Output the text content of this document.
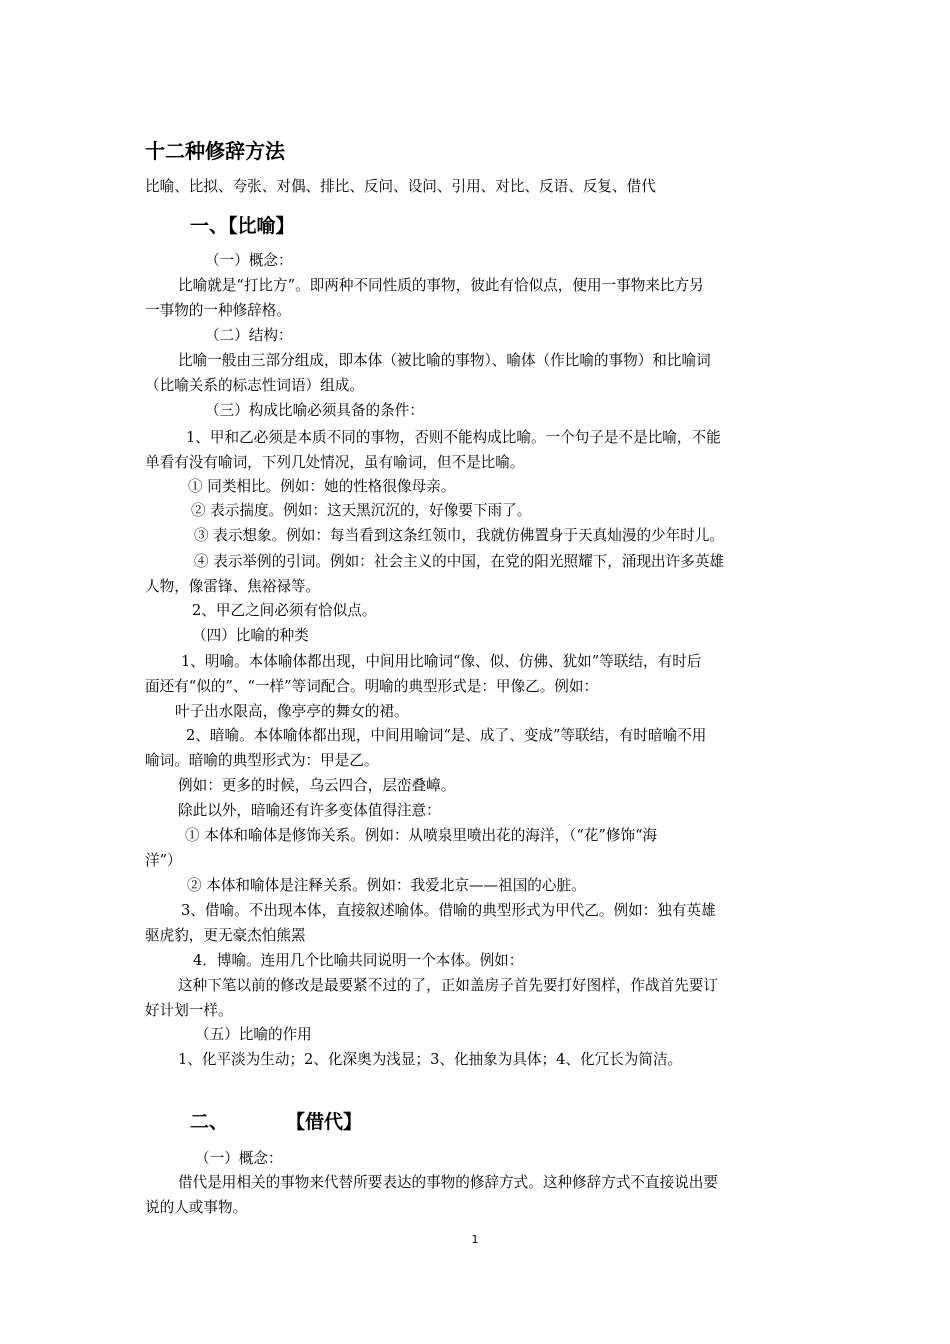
十二种修辞方法
比喻、比拟、夸张、对偶、排比、反问、设问、引用、对比、反语、反复、借代
一、【比喻】
（一）概念：
比喻就是“打比方”。即两种不同性质的事物，彼此有恰似点，便用一事物来比方另
一事物的一种修辞格。
（二）结构：
比喻一般由三部分组成，即本体（被比喻的事物）、喻体（作比喻的事物）和比喻词
（比喻关系的标志性词语）组成。
（三）构成比喻必须具备的条件：
1、甲和乙必须是本质不同的事物，否则不能构成比喻。一个句子是不是比喻，不能
单看有没有喻词，下列几处情况，虽有喻词，但不是比喻。
① 同类相比。例如：她的性格很像母亲。
② 表示揣度。例如：这天黑沉沉的，好像要下雨了。
③ 表示想象。例如：每当看到这条红领巾，我就仿佛置身于天真灿漫的少年时儿。
④ 表示举例的引词。例如：社会主义的中国，在党的阳光照耀下，涌现出许多英雄
人物，像雷锋、焦裕禄等。
2、甲乙之间必须有恰似点。
（四）比喻的种类
1、明喻。本体喻体都出现，中间用比喻词“像、似、仿佛、犹如”等联结，有时后
面还有“似的”、“一样”等词配合。明喻的典型形式是：甲像乙。例如：
叶子出水限高，像亭亭的舞女的裙。
2、暗喻。本体喻体都出现，中间用喻词“是、成了、变成”等联结，有时暗喻不用
喻词。暗喻的典型形式为：甲是乙。
例如：更多的时候，乌云四合，层峦叠嶂。
除此以外，暗喻还有许多变体值得注意：
① 本体和喻体是修饰关系。例如：从喷泉里喷出花的海洋，（“花”修饰“海
洋”）
② 本体和喻体是注释关系。例如：我爱北京——祖国的心脏。
3、借喻。不出现本体，直接叙述喻体。借喻的典型形式为甲代乙。例如：独有英雄
驱虎豹，更无豪杰怕熊罴
4．博喻。连用几个比喻共同说明一个本体。例如：
这种下笔以前的修改是最要紧不过的了，正如盖房子首先要打好图样，作战首先要订
好计划一样。
（五）比喻的作用
1、化平淡为生动；2、化深奥为浅显；3、化抽象为具体；4、化冗长为简洁。
二、	【借代】
（一）概念：
借代是用相关的事物来代替所要表达的事物的修辞方式。这种修辞方式不直接说出要
说的人或事物。
1
